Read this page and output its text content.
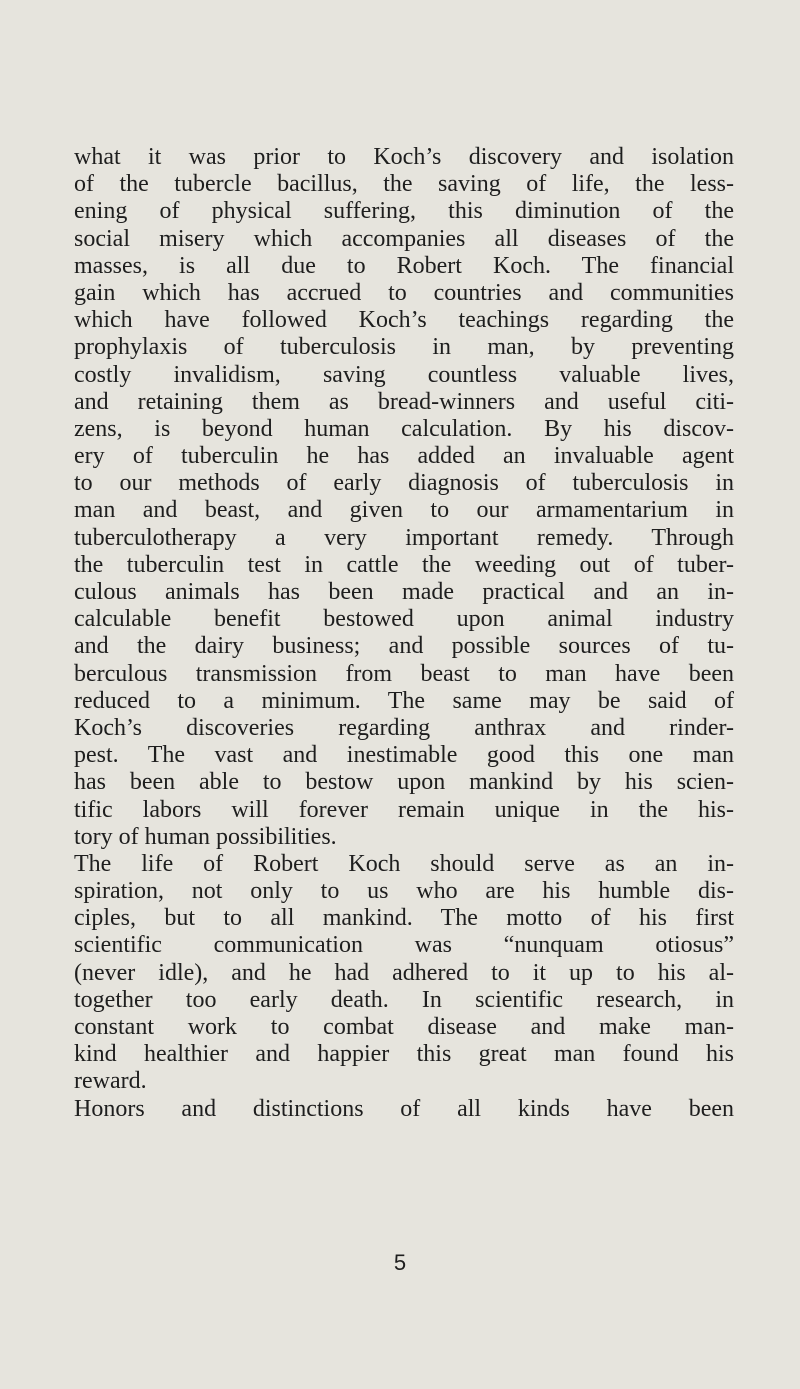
what it was prior to Koch’s discovery and isolation
of the tubercle bacillus, the saving of life, the less-
ening of physical suffering, this diminution of the
social misery which accompanies all diseases of the
masses, is all due to Robert Koch. The financial
gain which has accrued to countries and communities
which have followed Koch’s teachings regarding the
prophylaxis of tuberculosis in man, by preventing
costly invalidism, saving countless valuable lives,
and retaining them as bread-winners and useful citi-
zens, is beyond human calculation. By his discov-
ery of tuberculin he has added an invaluable agent
to our methods of early diagnosis of tuberculosis in
man and beast, and given to our armamentarium in
tuberculotherapy a very important remedy. Through
the tuberculin test in cattle the weeding out of tuber-
culous animals has been made practical and an in-
calculable benefit bestowed upon animal industry
and the dairy business; and possible sources of tu-
berculous transmission from beast to man have been
reduced to a minimum. The same may be said of
Koch’s discoveries regarding anthrax and rinder-
pest. The vast and inestimable good this one man
has been able to bestow upon mankind by his scien-
tific labors will forever remain unique in the his-
tory of human possibilities.
The life of Robert Koch should serve as an in-
spiration, not only to us who are his humble dis-
ciples, but to all mankind. The motto of his first
scientific communication was “nunquam otiosus”
(never idle), and he had adhered to it up to his al-
together too early death. In scientific research, in
constant work to combat disease and make man-
kind healthier and happier this great man found his
reward.
Honors and distinctions of all kinds have been
5
